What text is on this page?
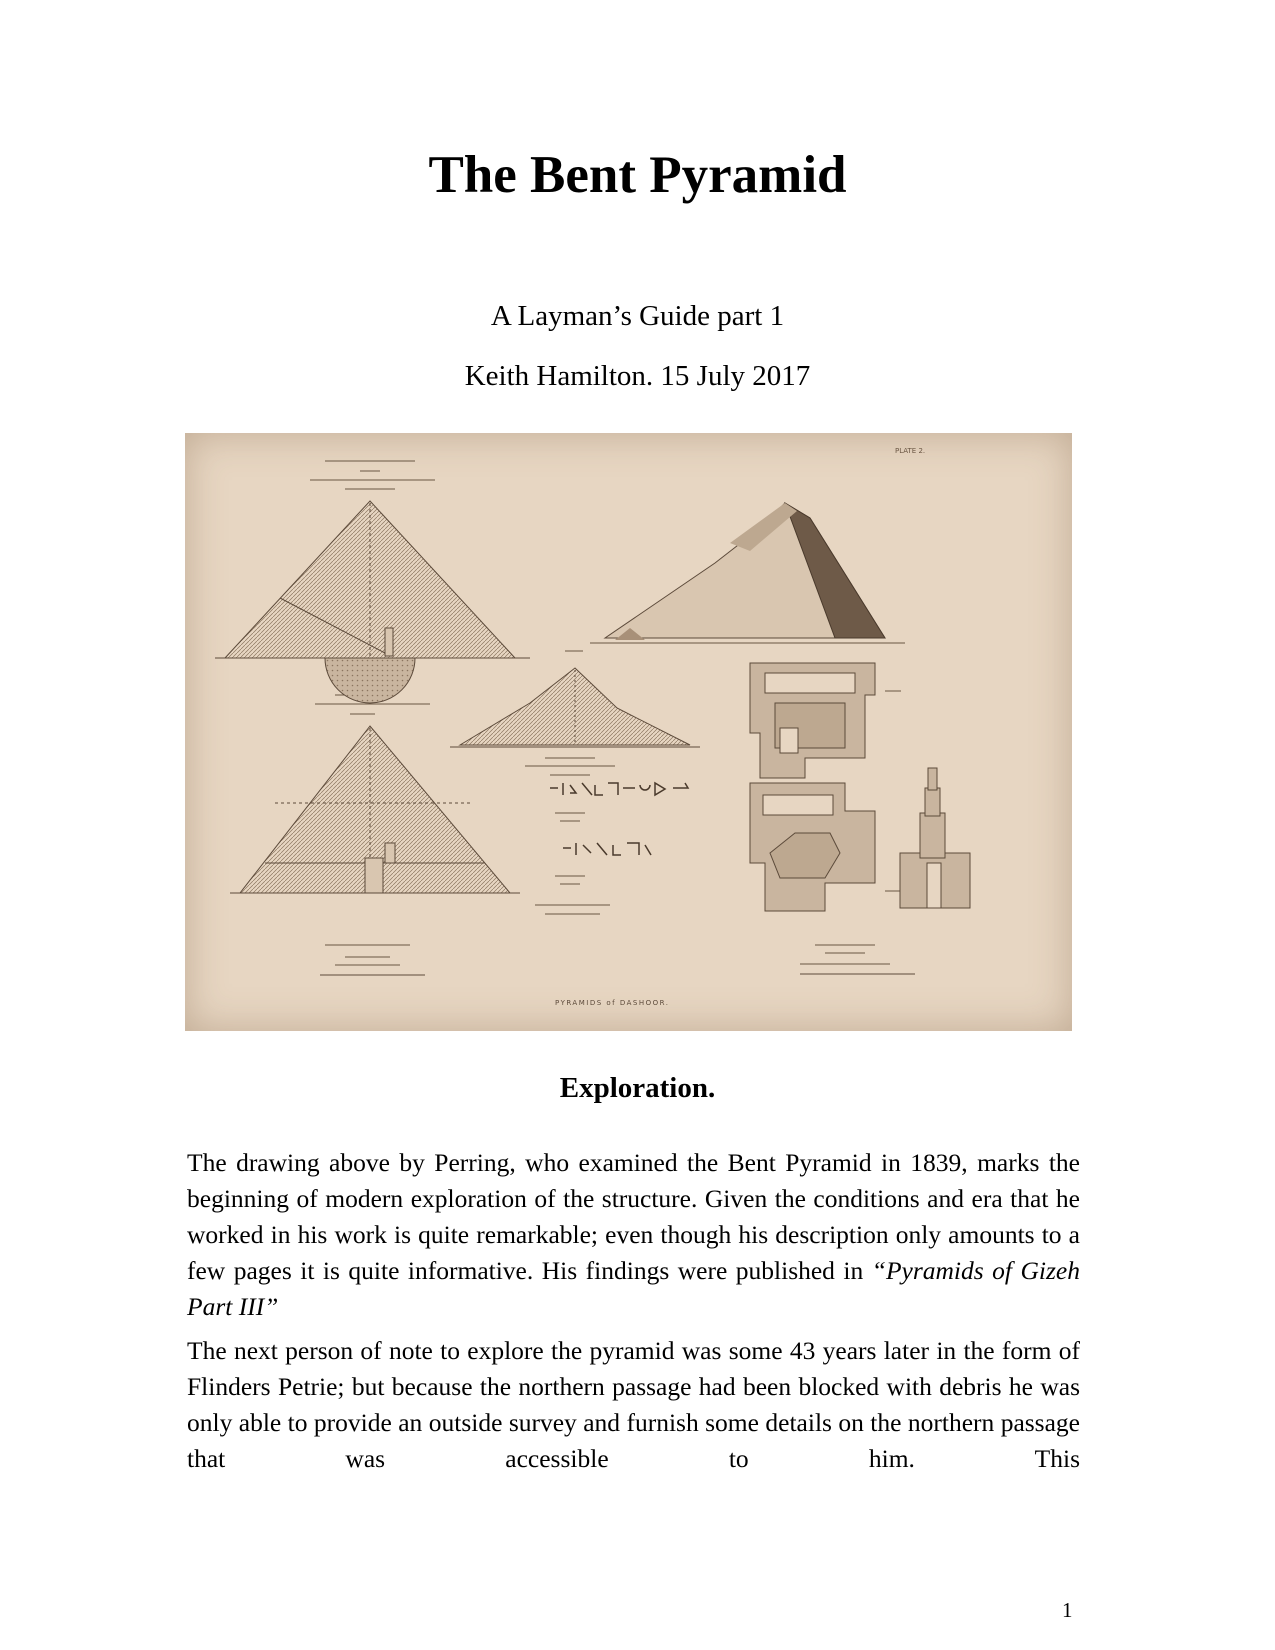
The Bent Pyramid
A Layman’s Guide part 1
Keith Hamilton. 15 July 2017
PLATE 2.
PYRAMIDS of DASHOOR.
Exploration.

The drawing above by Perring, who examined the Bent Pyramid in 1839, marks the beginning of modern exploration of the structure. Given the conditions and era that he worked in his work is quite remarkable; even though his description only amounts to a few pages it is quite informative. His findings were published in “Pyramids of Gizeh Part III”

The next person of note to explore the pyramid was some 43 years later in the form of Flinders Petrie; but because the northern passage had been blocked with debris he was only able to provide an outside survey and furnish some details on the northern passage that was accessible to him. This

1
